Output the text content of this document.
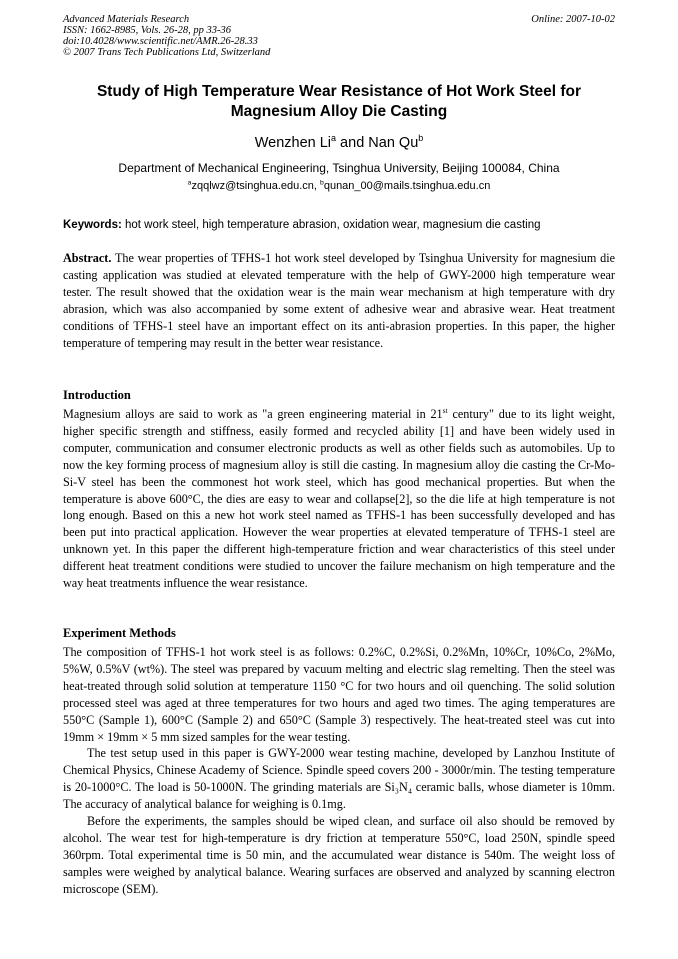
Advanced Materials Research
ISSN: 1662-8985, Vols. 26-28, pp 33-36
doi:10.4028/www.scientific.net/AMR.26-28.33
© 2007 Trans Tech Publications Ltd, Switzerland
Online: 2007-10-02
Study of High Temperature Wear Resistance of Hot Work Steel for
Magnesium Alloy Die Casting
Wenzhen Li$^a$ and Nan Qu$^b$
Department of Mechanical Engineering, Tsinghua University, Beijing 100084, China
$^a$zqqlwz@tsinghua.edu.cn, $^b$qunan_00@mails.tsinghua.edu.cn
Keywords: hot work steel, high temperature abrasion, oxidation wear, magnesium die casting

Abstract. The wear properties of TFHS-1 hot work steel developed by Tsinghua University for magnesium die casting application was studied at elevated temperature with the help of GWY-2000 high temperature wear tester. The result showed that the oxidation wear is the main wear mechanism at high temperature with dry abrasion, which was also accompanied by some extent of adhesive wear and abrasive wear. Heat treatment conditions of TFHS-1 steel have an important effect on its anti-abrasion properties. In this paper, the higher temperature of tempering may result in the better wear resistance.

Introduction

Magnesium alloys are said to work as "a green engineering material in 21st century" due to its light weight, higher specific strength and stiffness, easily formed and recycled ability [1] and have been widely used in computer, communication and consumer electronic products as well as other fields such as automobiles. Up to now the key forming process of magnesium alloy is still die casting. In magnesium alloy die casting the Cr-Mo-Si-V steel has been the commonest hot work steel, which has good mechanical properties. But when the temperature is above 600°C, the dies are easy to wear and collapse[2], so the die life at high temperature is not long enough. Based on this a new hot work steel named as TFHS-1 has been successfully developed and has been put into practical application. However the wear properties at elevated temperature of TFHS-1 steel are unknown yet. In this paper the different high-temperature friction and wear characteristics of this steel under different heat treatment conditions were studied to uncover the failure mechanism on high temperature and the way heat treatments influence the wear resistance.

Experiment Methods

The composition of TFHS-1 hot work steel is as follows: 0.2%C, 0.2%Si, 0.2%Mn, 10%Cr, 10%Co, 2%Mo, 5%W, 0.5%V (wt%). The steel was prepared by vacuum melting and electric slag remelting. Then the steel was heat-treated through solid solution at temperature 1150 °C for two hours and oil quenching. The solid solution processed steel was aged at three temperatures for two hours and aged two times. The aging temperatures are 550°C (Sample 1), 600°C (Sample 2) and 650°C (Sample 3) respectively. The heat-treated steel was cut into 19mm × 19mm × 5 mm sized samples for the wear testing.

The test setup used in this paper is GWY-2000 wear testing machine, developed by Lanzhou Institute of Chemical Physics, Chinese Academy of Science. Spindle speed covers 200 - 3000r/min. The testing temperature is 20-1000°C. The load is 50-1000N. The grinding materials are Si₃N₄ ceramic balls, whose diameter is 10mm. The accuracy of analytical balance for weighing is 0.1mg.

Before the experiments, the samples should be wiped clean, and surface oil also should be removed by alcohol. The wear test for high-temperature is dry friction at temperature 550°C, load 250N, spindle speed 360rpm. Total experimental time is 50 min, and the accumulated wear distance is 540m. The weight loss of samples were weighed by analytical balance. Wearing surfaces are observed and analyzed by scanning electron microscope (SEM).
